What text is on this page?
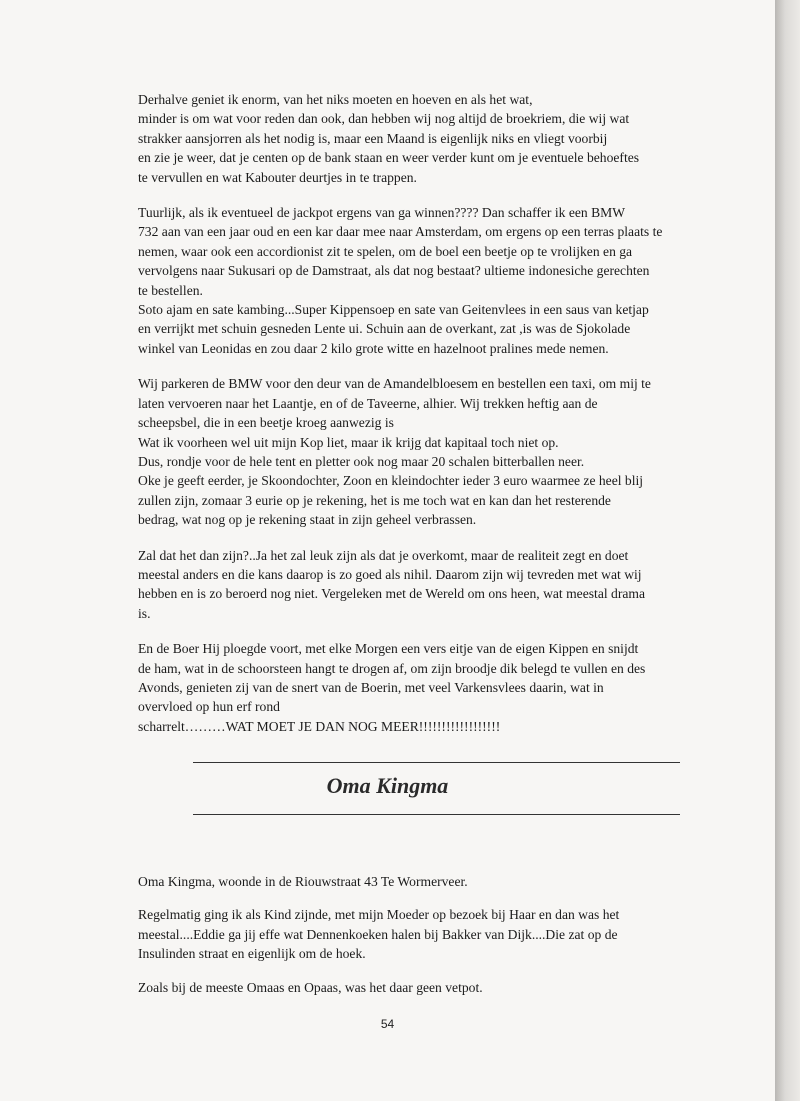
Derhalve geniet ik enorm, van het niks moeten en hoeven en als het wat,
minder is om wat voor reden dan ook, dan hebben wij nog altijd de broekriem, die wij wat
strakker aansjorren als het nodig is, maar een Maand is eigenlijk niks en vliegt voorbij
en zie je weer, dat je centen op de bank staan en weer verder kunt om je eventuele behoeftes
te vervullen en wat Kabouter deurtjes in te trappen.

Tuurlijk, als ik eventueel de jackpot ergens van ga winnen???? Dan schaffer ik een BMW
732 aan van een jaar oud en een kar daar mee naar Amsterdam, om ergens op een terras plaats te
nemen, waar ook een accordionist zit te spelen, om de boel een beetje op te vrolijken en ga
vervolgens naar Sukusari op de Damstraat, als dat nog bestaat? ultieme indonesiche gerechten
te bestellen.
Soto ajam en sate kambing...Super Kippensoep en sate van Geitenvlees in een saus van ketjap
en verrijkt met schuin gesneden Lente ui. Schuin aan de overkant, zat ,is was de Sjokolade
winkel van Leonidas en zou daar 2 kilo grote witte en hazelnoot pralines mede nemen.

Wij parkeren de BMW voor den deur van de Amandelbloesem en bestellen een taxi, om mij te
laten vervoeren naar het Laantje, en of de Taveerne, alhier. Wij trekken heftig aan de
scheepsbel, die in een beetje kroeg aanwezig is
Wat ik voorheen wel uit mijn Kop liet, maar ik krijg dat kapitaal toch niet op.
Dus, rondje voor de hele tent en pletter ook nog maar 20 schalen bitterballen neer.
Oke je geeft eerder, je Skoondochter, Zoon en kleindochter ieder 3 euro waarmee ze heel blij
zullen zijn, zomaar 3 eurie op je rekening, het is me toch wat en kan dan het resterende
bedrag, wat nog op je rekening staat in zijn geheel verbrassen.

Zal dat het dan zijn?..Ja het zal leuk zijn als dat je overkomt, maar de realiteit zegt en doet
meestal anders en die kans daarop is zo goed als nihil. Daarom zijn wij tevreden met wat wij
hebben en is zo beroerd nog niet. Vergeleken met de Wereld om ons heen, wat meestal drama
is.

En de Boer Hij ploegde voort, met elke Morgen een vers eitje van de eigen Kippen en snijdt
de ham, wat in de schoorsteen hangt te drogen af, om zijn broodje dik belegd te vullen en des
Avonds, genieten zij van de snert van de Boerin, met veel Varkensvlees daarin, wat in
overvloed op hun erf rond
scharrelt………WAT MOET JE DAN NOG MEER!!!!!!!!!!!!!!!!!!

Oma Kingma

Oma Kingma, woonde in de Riouwstraat 43 Te Wormerveer.

Regelmatig ging ik als Kind zijnde, met mijn Moeder op bezoek bij Haar en dan was het
meestal....Eddie ga jij effe wat Dennenkoeken halen bij Bakker van Dijk....Die zat op de
Insulinden straat en eigenlijk om de hoek.

Zoals bij de meeste Omaas en Opaas, was het daar geen vetpot.

54
